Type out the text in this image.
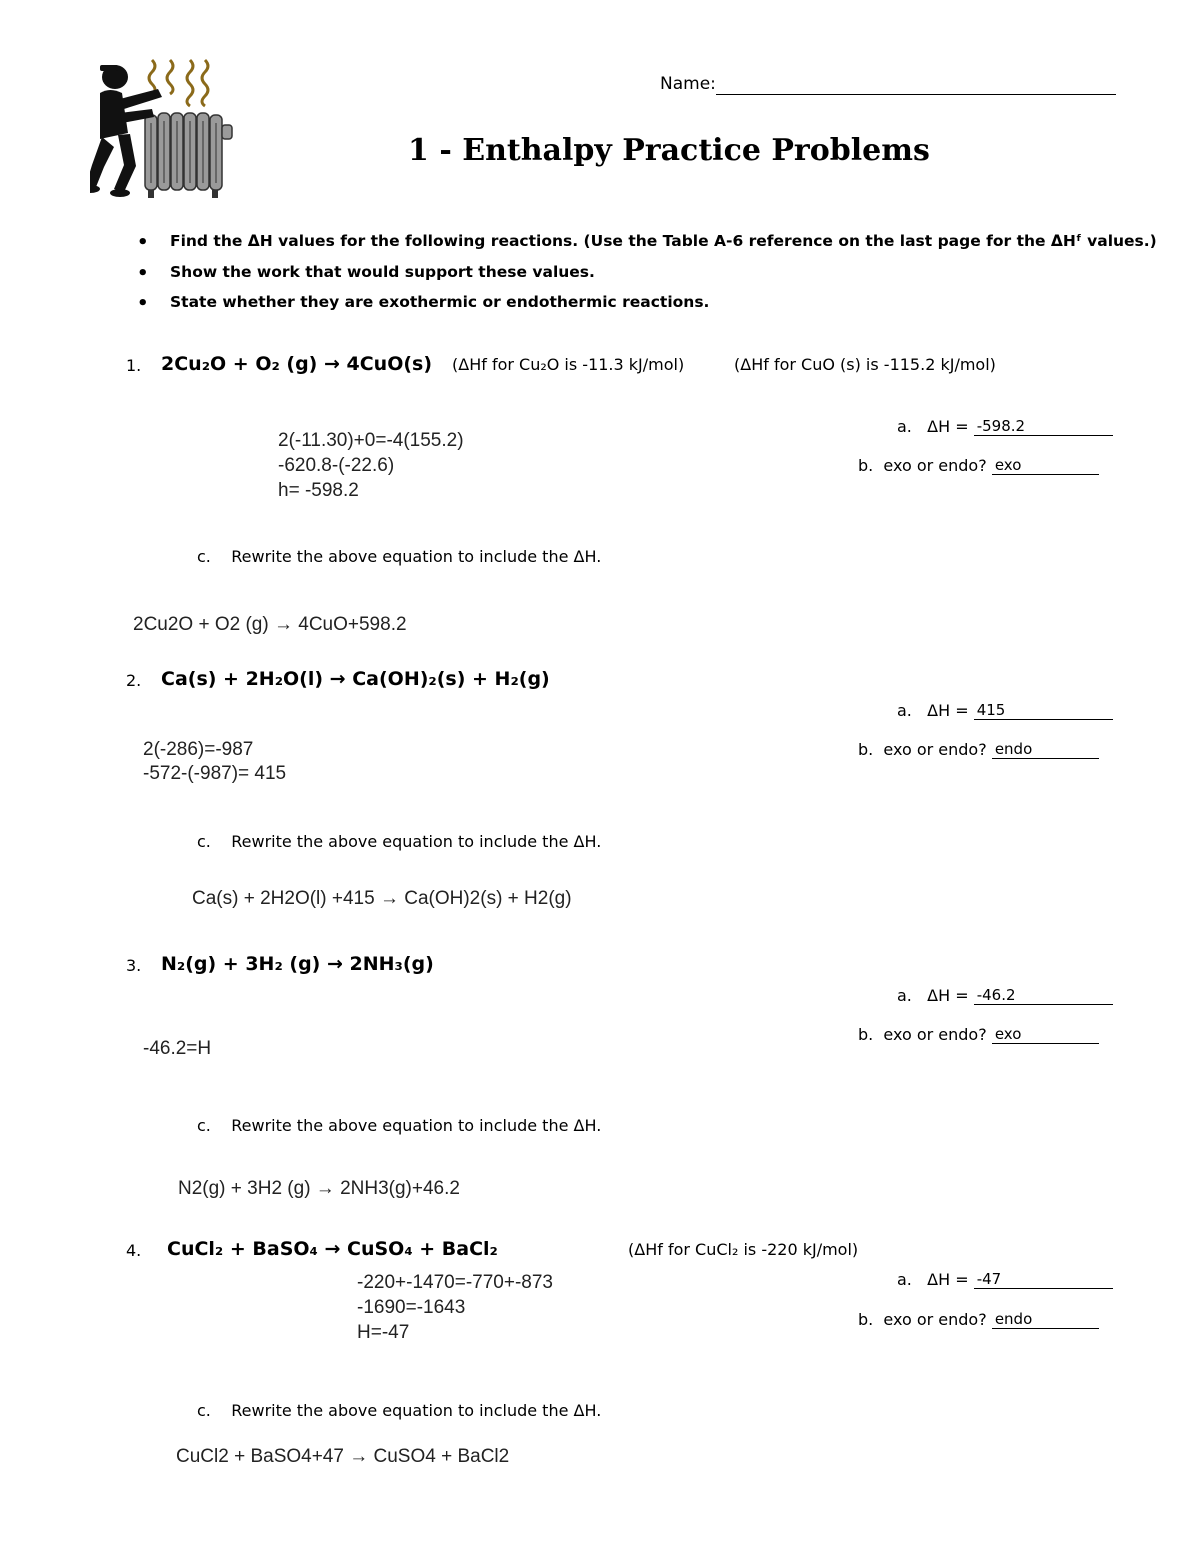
Name:
1 - Enthalpy Practice Problems
• Find the ΔH values for the following reactions. (Use the Table A-6 reference on the last page for the ΔHᶠ values.)
• Show the work that would support these values.
• State whether they are exothermic or endothermic reactions.
1. 2Cu₂O + O₂ (g) → 4CuO(s) (ΔHf for Cu₂O is -11.3 kJ/mol)	(ΔHf for CuO (s) is -115.2 kJ/mol)
2(-11.30)+0=-4(155.2)
-620.8-(-22.6)
h= -598.2
a. ΔH = -598.2
b. exo or endo? exo
c. Rewrite the above equation to include the ΔH.
2Cu2O + O2 (g) → 4CuO+598.2
2. Ca(s) + 2H₂O(l) → Ca(OH)₂(s) + H₂(g)
2(-286)=-987
-572-(-987)= 415
a. ΔH = 415
b. exo or endo? endo
c. Rewrite the above equation to include the ΔH.
Ca(s) + 2H2O(l) +415 → Ca(OH)2(s) + H2(g)
3. N₂(g) + 3H₂ (g) → 2NH₃(g)
-46.2=H
a. ΔH = -46.2
b. exo or endo? exo
c. Rewrite the above equation to include the ΔH.
N2(g) + 3H2 (g) → 2NH3(g)+46.2
4. CuCl₂ + BaSO₄ → CuSO₄ + BaCl₂	(ΔHf for CuCl₂ is -220 kJ/mol)
-220+-1470=-770+-873
-1690=-1643
H=-47
a. ΔH = -47
b. exo or endo? endo
c. Rewrite the above equation to include the ΔH.
CuCl2 + BaSO4+47 → CuSO4 + BaCl2
